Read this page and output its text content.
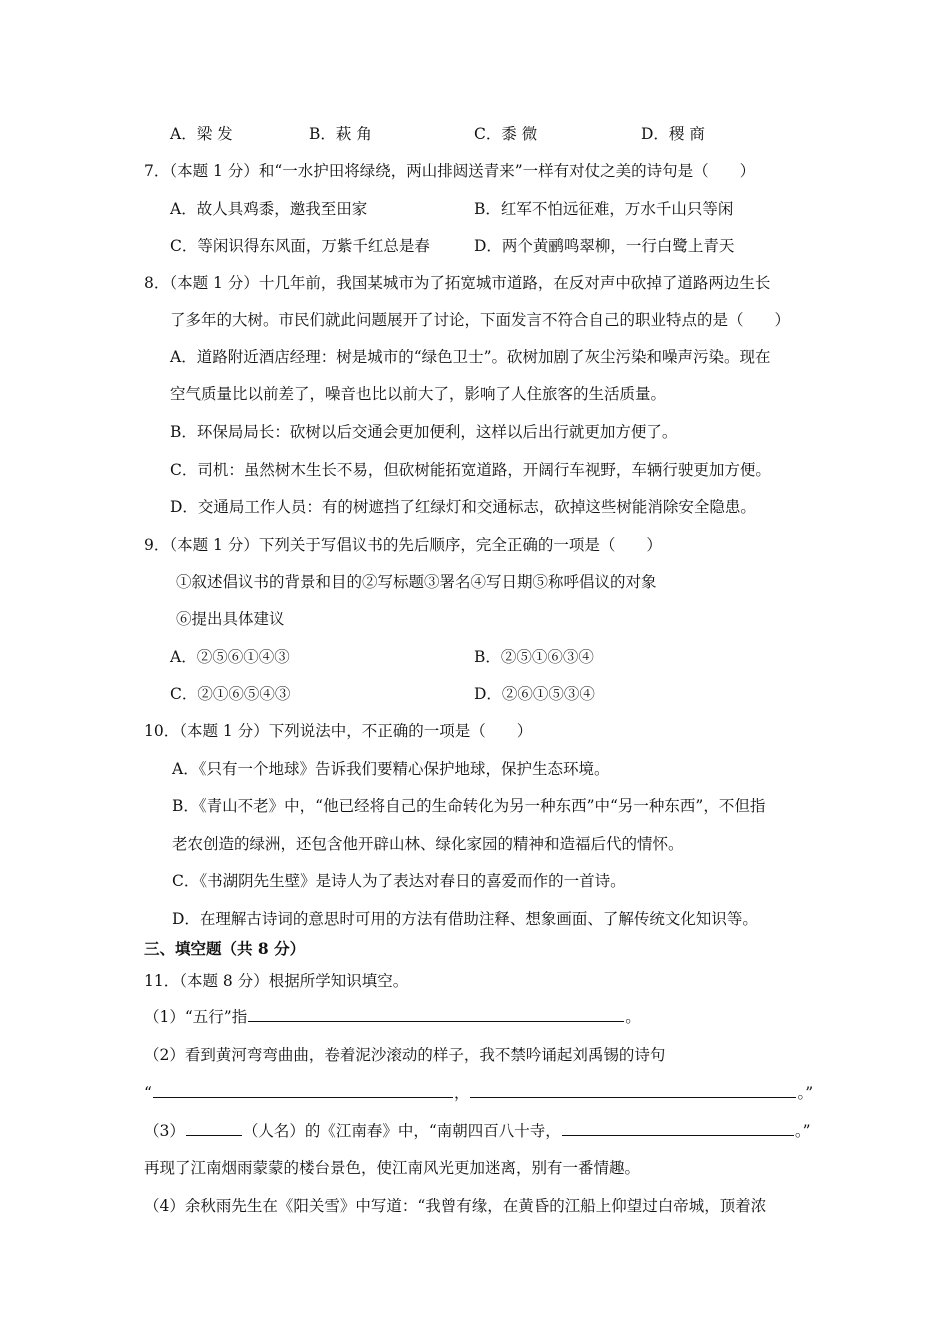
A．梁 发	B．萩 角	C．黍 微	D．稷 商
7．（本题 1 分）和“一水护田将绿绕，两山排闼送青来”一样有对仗之美的诗句是（　　）
A．故人具鸡黍，邀我至田家	B．红军不怕远征难，万水千山只等闲
C．等闲识得东风面，万紫千红总是春	D．两个黄鹂鸣翠柳，一行白鹭上青天
8．（本题 1 分）十几年前，我国某城市为了拓宽城市道路，在反对声中砍掉了道路两边生长
了多年的大树。市民们就此问题展开了讨论，下面发言不符合自己的职业特点的是（　　）
A．道路附近酒店经理：树是城市的“绿色卫士”。砍树加剧了灰尘污染和噪声污染。现在
空气质量比以前差了，噪音也比以前大了，影响了人住旅客的生活质量。
B．环保局局长：砍树以后交通会更加便利，这样以后出行就更加方便了。
C．司机：虽然树木生长不易，但砍树能拓宽道路，开阔行车视野，车辆行驶更加方便。
D．交通局工作人员：有的树遮挡了红绿灯和交通标志，砍掉这些树能消除安全隐患。
9．（本题 1 分）下列关于写倡议书的先后顺序，完全正确的一项是（　　）
①叙述倡议书的背景和目的②写标题③署名④写日期⑤称呼倡议的对象
⑥提出具体建议
A．②⑤⑥①④③	B．②⑤①⑥③④
C．②①⑥⑤④③	D．②⑥①⑤③④
10．（本题 1 分）下列说法中，不正确的一项是（　　）
A．《只有一个地球》告诉我们要精心保护地球，保护生态环境。
B．《青山不老》中，“他已经将自己的生命转化为另一种东西”中“另一种东西”，不但指
老农创造的绿洲，还包含他开辟山林、绿化家园的精神和造福后代的情怀。
C．《书湖阴先生壁》是诗人为了表达对春日的喜爱而作的一首诗。
D．在理解古诗词的意思时可用的方法有借助注释、想象画面、了解传统文化知识等。
三、填空题（共 8 分）
11．（本题 8 分）根据所学知识填空。
（1）“五行”指	。
（2）看到黄河弯弯曲曲，卷着泥沙滚动的样子，我不禁吟诵起刘禹锡的诗句
“	，	。”
（3）	（人名）的《江南春》中，“南朝四百八十寺，	。”
再现了江南烟雨蒙蒙的楼台景色，使江南风光更加迷离，别有一番情趣。
（4）余秋雨先生在《阳关雪》中写道：“我曾有缘，在黄昏的江船上仰望过白帝城，顶着浓
